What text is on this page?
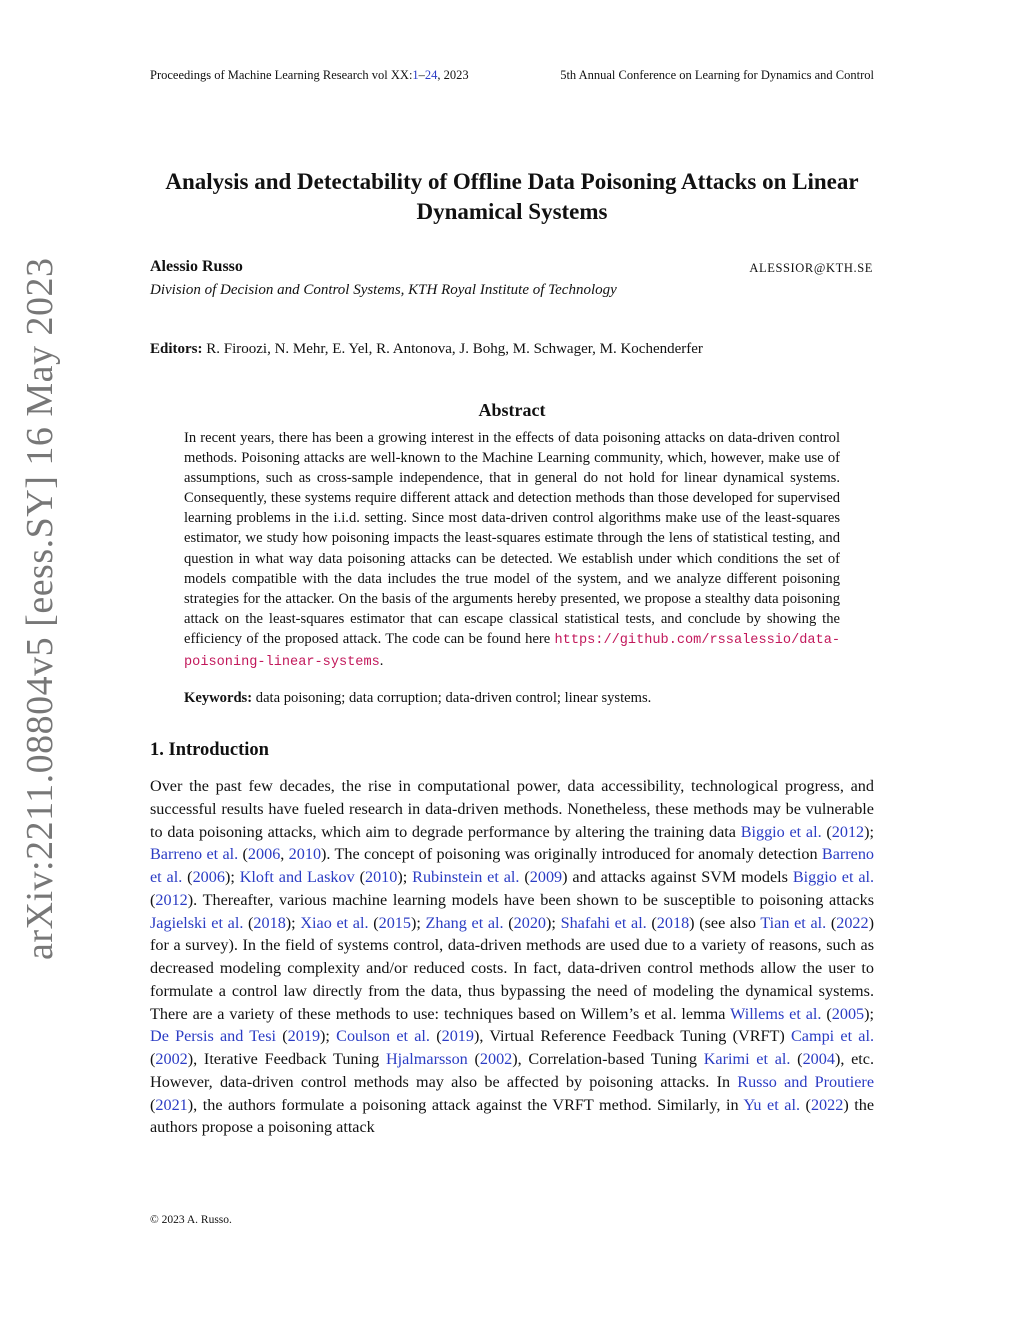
Proceedings of Machine Learning Research vol XX:1–24, 2023	5th Annual Conference on Learning for Dynamics and Control
arXiv:2211.08804v5 [eess.SY] 16 May 2023
Analysis and Detectability of Offline Data Poisoning Attacks on Linear Dynamical Systems
Alessio Russo	ALESSIOR@KTH.SE
Division of Decision and Control Systems, KTH Royal Institute of Technology
Editors: R. Firoozi, N. Mehr, E. Yel, R. Antonova, J. Bohg, M. Schwager, M. Kochenderfer
Abstract

In recent years, there has been a growing interest in the effects of data poisoning attacks on data-driven control methods. Poisoning attacks are well-known to the Machine Learning community, which, however, make use of assumptions, such as cross-sample independence, that in general do not hold for linear dynamical systems. Consequently, these systems require different attack and detection methods than those developed for supervised learning problems in the i.i.d. setting. Since most data-driven control algorithms make use of the least-squares estimator, we study how poisoning impacts the least-squares estimate through the lens of statistical testing, and question in what way data poisoning attacks can be detected. We establish under which conditions the set of models compatible with the data includes the true model of the system, and we analyze different poisoning strategies for the attacker. On the basis of the arguments hereby presented, we propose a stealthy data poisoning attack on the least-squares estimator that can escape classical statistical tests, and conclude by showing the efficiency of the proposed attack. The code can be found here https://github.com/rssalessio/data-poisoning-linear-systems.

Keywords: data poisoning; data corruption; data-driven control; linear systems.
1. Introduction

Over the past few decades, the rise in computational power, data accessibility, technological progress, and successful results have fueled research in data-driven methods. Nonetheless, these methods may be vulnerable to data poisoning attacks, which aim to degrade performance by altering the training data Biggio et al. (2012); Barreno et al. (2006, 2010). The concept of poisoning was originally introduced for anomaly detection Barreno et al. (2006); Kloft and Laskov (2010); Rubinstein et al. (2009) and attacks against SVM models Biggio et al. (2012). Thereafter, various machine learning models have been shown to be susceptible to poisoning attacks Jagielski et al. (2018); Xiao et al. (2015); Zhang et al. (2020); Shafahi et al. (2018) (see also Tian et al. (2022) for a survey). In the field of systems control, data-driven methods are used due to a variety of reasons, such as decreased modeling complexity and/or reduced costs. In fact, data-driven control methods allow the user to formulate a control law directly from the data, thus bypassing the need of modeling the dynamical systems. There are a variety of these methods to use: techniques based on Willem’s et al. lemma Willems et al. (2005); De Persis and Tesi (2019); Coulson et al. (2019), Virtual Reference Feedback Tuning (VRFT) Campi et al. (2002), Iterative Feedback Tuning Hjalmarsson (2002), Correlation-based Tuning Karimi et al. (2004), etc. However, data-driven control methods may also be affected by poisoning attacks. In Russo and Proutiere (2021), the authors formulate a poisoning attack against the VRFT method. Similarly, in Yu et al. (2022) the authors propose a poisoning attack

© 2023 A. Russo.
